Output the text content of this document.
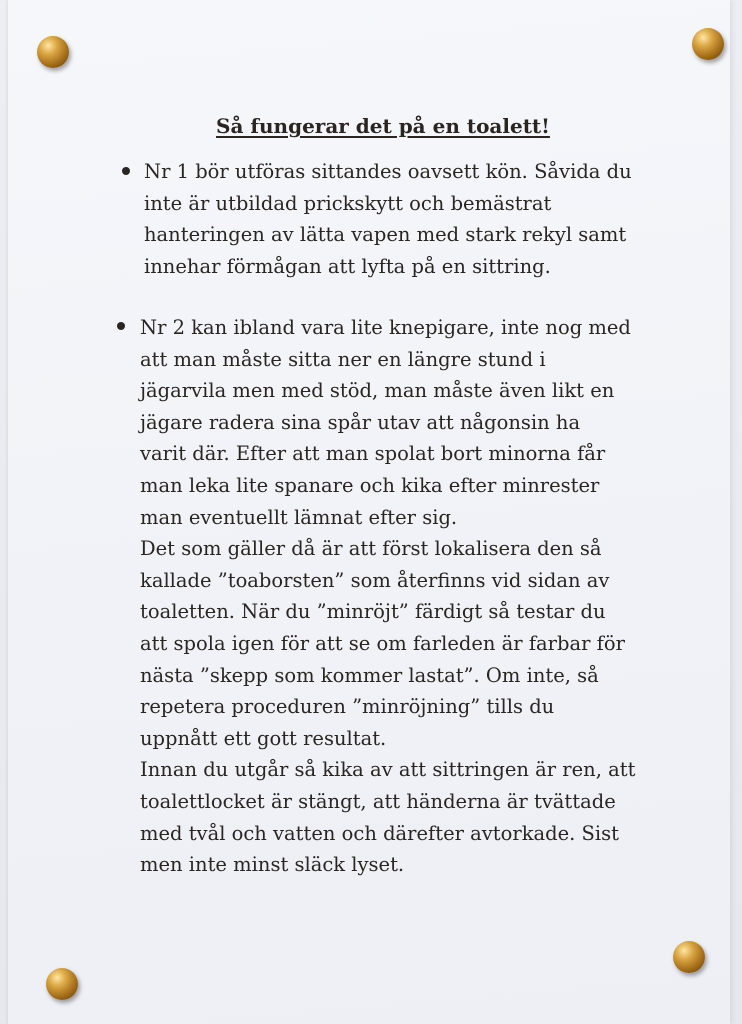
Så fungerar det på en toalett!
Nr 1 bör utföras sittandes oavsett kön. Såvida du
inte är utbildad prickskytt och bemästrat
hanteringen av lätta vapen med stark rekyl samt
innehar förmågan att lyfta på en sittring.
Nr 2 kan ibland vara lite knepigare, inte nog med
att man måste sitta ner en längre stund i
jägarvila men med stöd, man måste även likt en
jägare radera sina spår utav att någonsin ha
varit där. Efter att man spolat bort minorna får
man leka lite spanare och kika efter minrester
man eventuellt lämnat efter sig.
Det som gäller då är att först lokalisera den så
kallade ”toaborsten” som återfinns vid sidan av
toaletten. När du ”minröjt” färdigt så testar du
att spola igen för att se om farleden är farbar för
nästa ”skepp som kommer lastat”. Om inte, så
repetera proceduren ”minröjning” tills du
uppnått ett gott resultat.
Innan du utgår så kika av att sittringen är ren, att
toalettlocket är stängt, att händerna är tvättade
med tvål och vatten och därefter avtorkade. Sist
men inte minst släck lyset.
